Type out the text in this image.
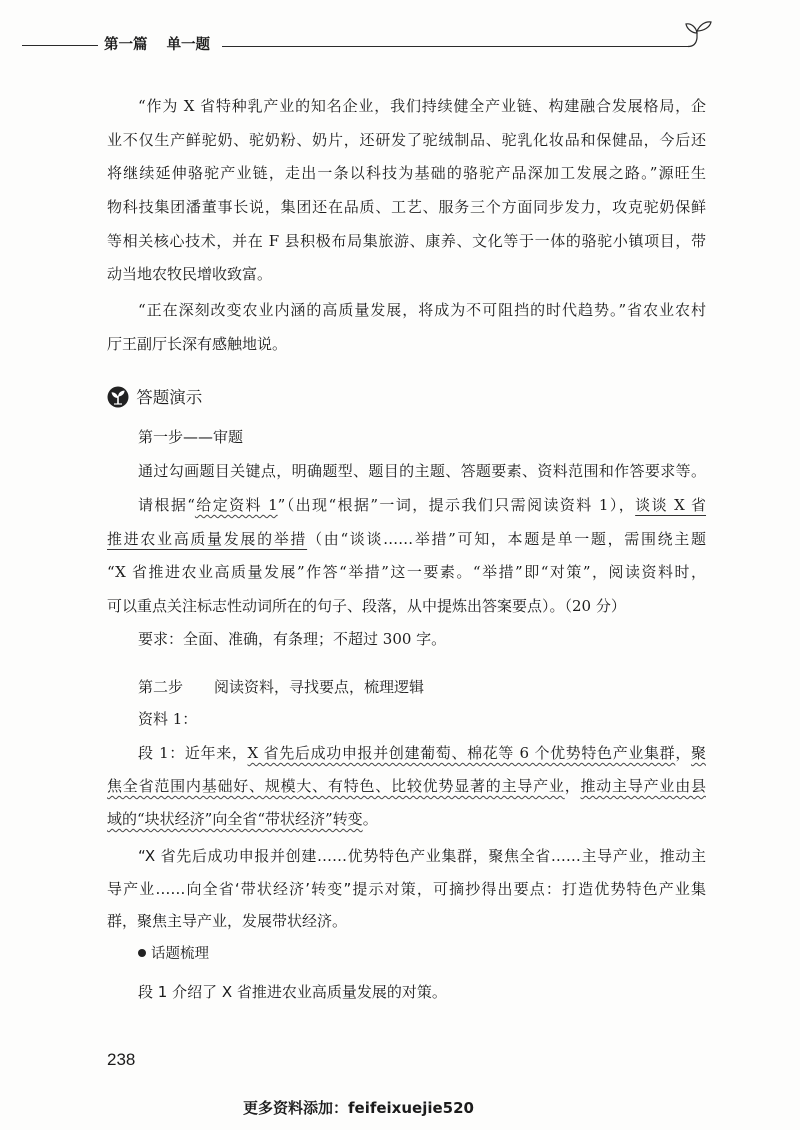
第一篇 单一题
“作为 X 省特种乳产业的知名企业，我们持续健全产业链、构建融合发展格局，企
业不仅生产鲜驼奶、驼奶粉、奶片，还研发了驼绒制品、驼乳化妆品和保健品，今后还
将继续延伸骆驼产业链，走出一条以科技为基础的骆驼产品深加工发展之路。”源旺生
物科技集团潘董事长说，集团还在品质、工艺、服务三个方面同步发力，攻克驼奶保鲜
等相关核心技术，并在 F 县积极布局集旅游、康养、文化等于一体的骆驼小镇项目，带
动当地农牧民增收致富。
“正在深刻改变农业内涵的高质量发展，将成为不可阻挡的时代趋势。”省农业农村
厅王副厅长深有感触地说。
答题演示
第一步——审题
通过勾画题目关键点，明确题型、题目的主题、答题要素、资料范围和作答要求等。
请根据“给定资料 1”（出现“根据”一词，提示我们只需阅读资料 1），谈谈 X 省
推进农业高质量发展的举措（由“谈谈……举措”可知，本题是单一题，需围绕主题
“X 省推进农业高质量发展”作答“举措”这一要素。“举措”即“对策”，阅读资料时，
可以重点关注标志性动词所在的句子、段落，从中提炼出答案要点）。（20 分）
要求：全面、准确，有条理；不超过 300 字。
第二步 阅读资料，寻找要点，梳理逻辑
资料 1：
段 1：近年来，X 省先后成功申报并创建葡萄、棉花等 6 个优势特色产业集群，聚
焦全省范围内基础好、规模大、有特色、比较优势显著的主导产业，推动主导产业由县
域的“块状经济”向全省“带状经济”转变。
“X 省先后成功申报并创建……优势特色产业集群，聚焦全省……主导产业，推动主
导产业……向全省‘带状经济’转变”提示对策，可摘抄得出要点：打造优势特色产业集
群，聚焦主导产业，发展带状经济。
话题梳理
段 1 介绍了 X 省推进农业高质量发展的对策。
238
更多资料添加：feifeixuejie520
